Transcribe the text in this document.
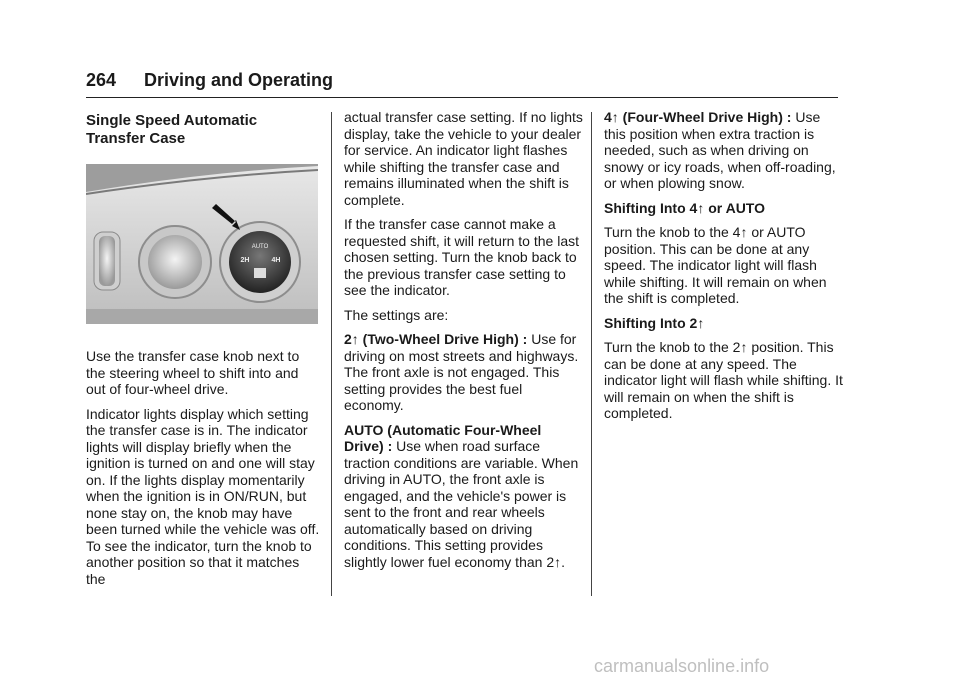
264 Driving and Operating
Single Speed Automatic
Transfer Case
AUTO
2H	4H

Use the transfer case knob next to the steering wheel to shift into and out of four-wheel drive.

Indicator lights display which setting the transfer case is in. The indicator lights will display briefly when the ignition is turned on and one will stay on. If the lights display momentarily when the ignition is in ON/RUN, but none stay on, the knob may have been turned while the vehicle was off. To see the indicator, turn the knob to another position so that it matches the

actual transfer case setting. If no lights display, take the vehicle to your dealer for service. An indicator light flashes while shifting the transfer case and remains illuminated when the shift is complete.

If the transfer case cannot make a requested shift, it will return to the last chosen setting. Turn the knob back to the previous transfer case setting to see the indicator.

The settings are:

2↑ (Two-Wheel Drive High) : Use for driving on most streets and highways. The front axle is not engaged. This setting provides the best fuel economy.

AUTO (Automatic Four-Wheel Drive) : Use when road surface traction conditions are variable. When driving in AUTO, the front axle is engaged, and the vehicle's power is sent to the front and rear wheels automatically based on driving conditions. This setting provides slightly lower fuel economy than 2↑.

4↑ (Four-Wheel Drive High) : Use this position when extra traction is needed, such as when driving on snowy or icy roads, when off-roading, or when plowing snow.

Shifting Into 4↑ or AUTO

Turn the knob to the 4↑ or AUTO position. This can be done at any speed. The indicator light will flash while shifting. It will remain on when the shift is completed.

Shifting Into 2↑

Turn the knob to the 2↑ position. This can be done at any speed. The indicator light will flash while shifting. It will remain on when the shift is completed.

carmanualsonline.info
